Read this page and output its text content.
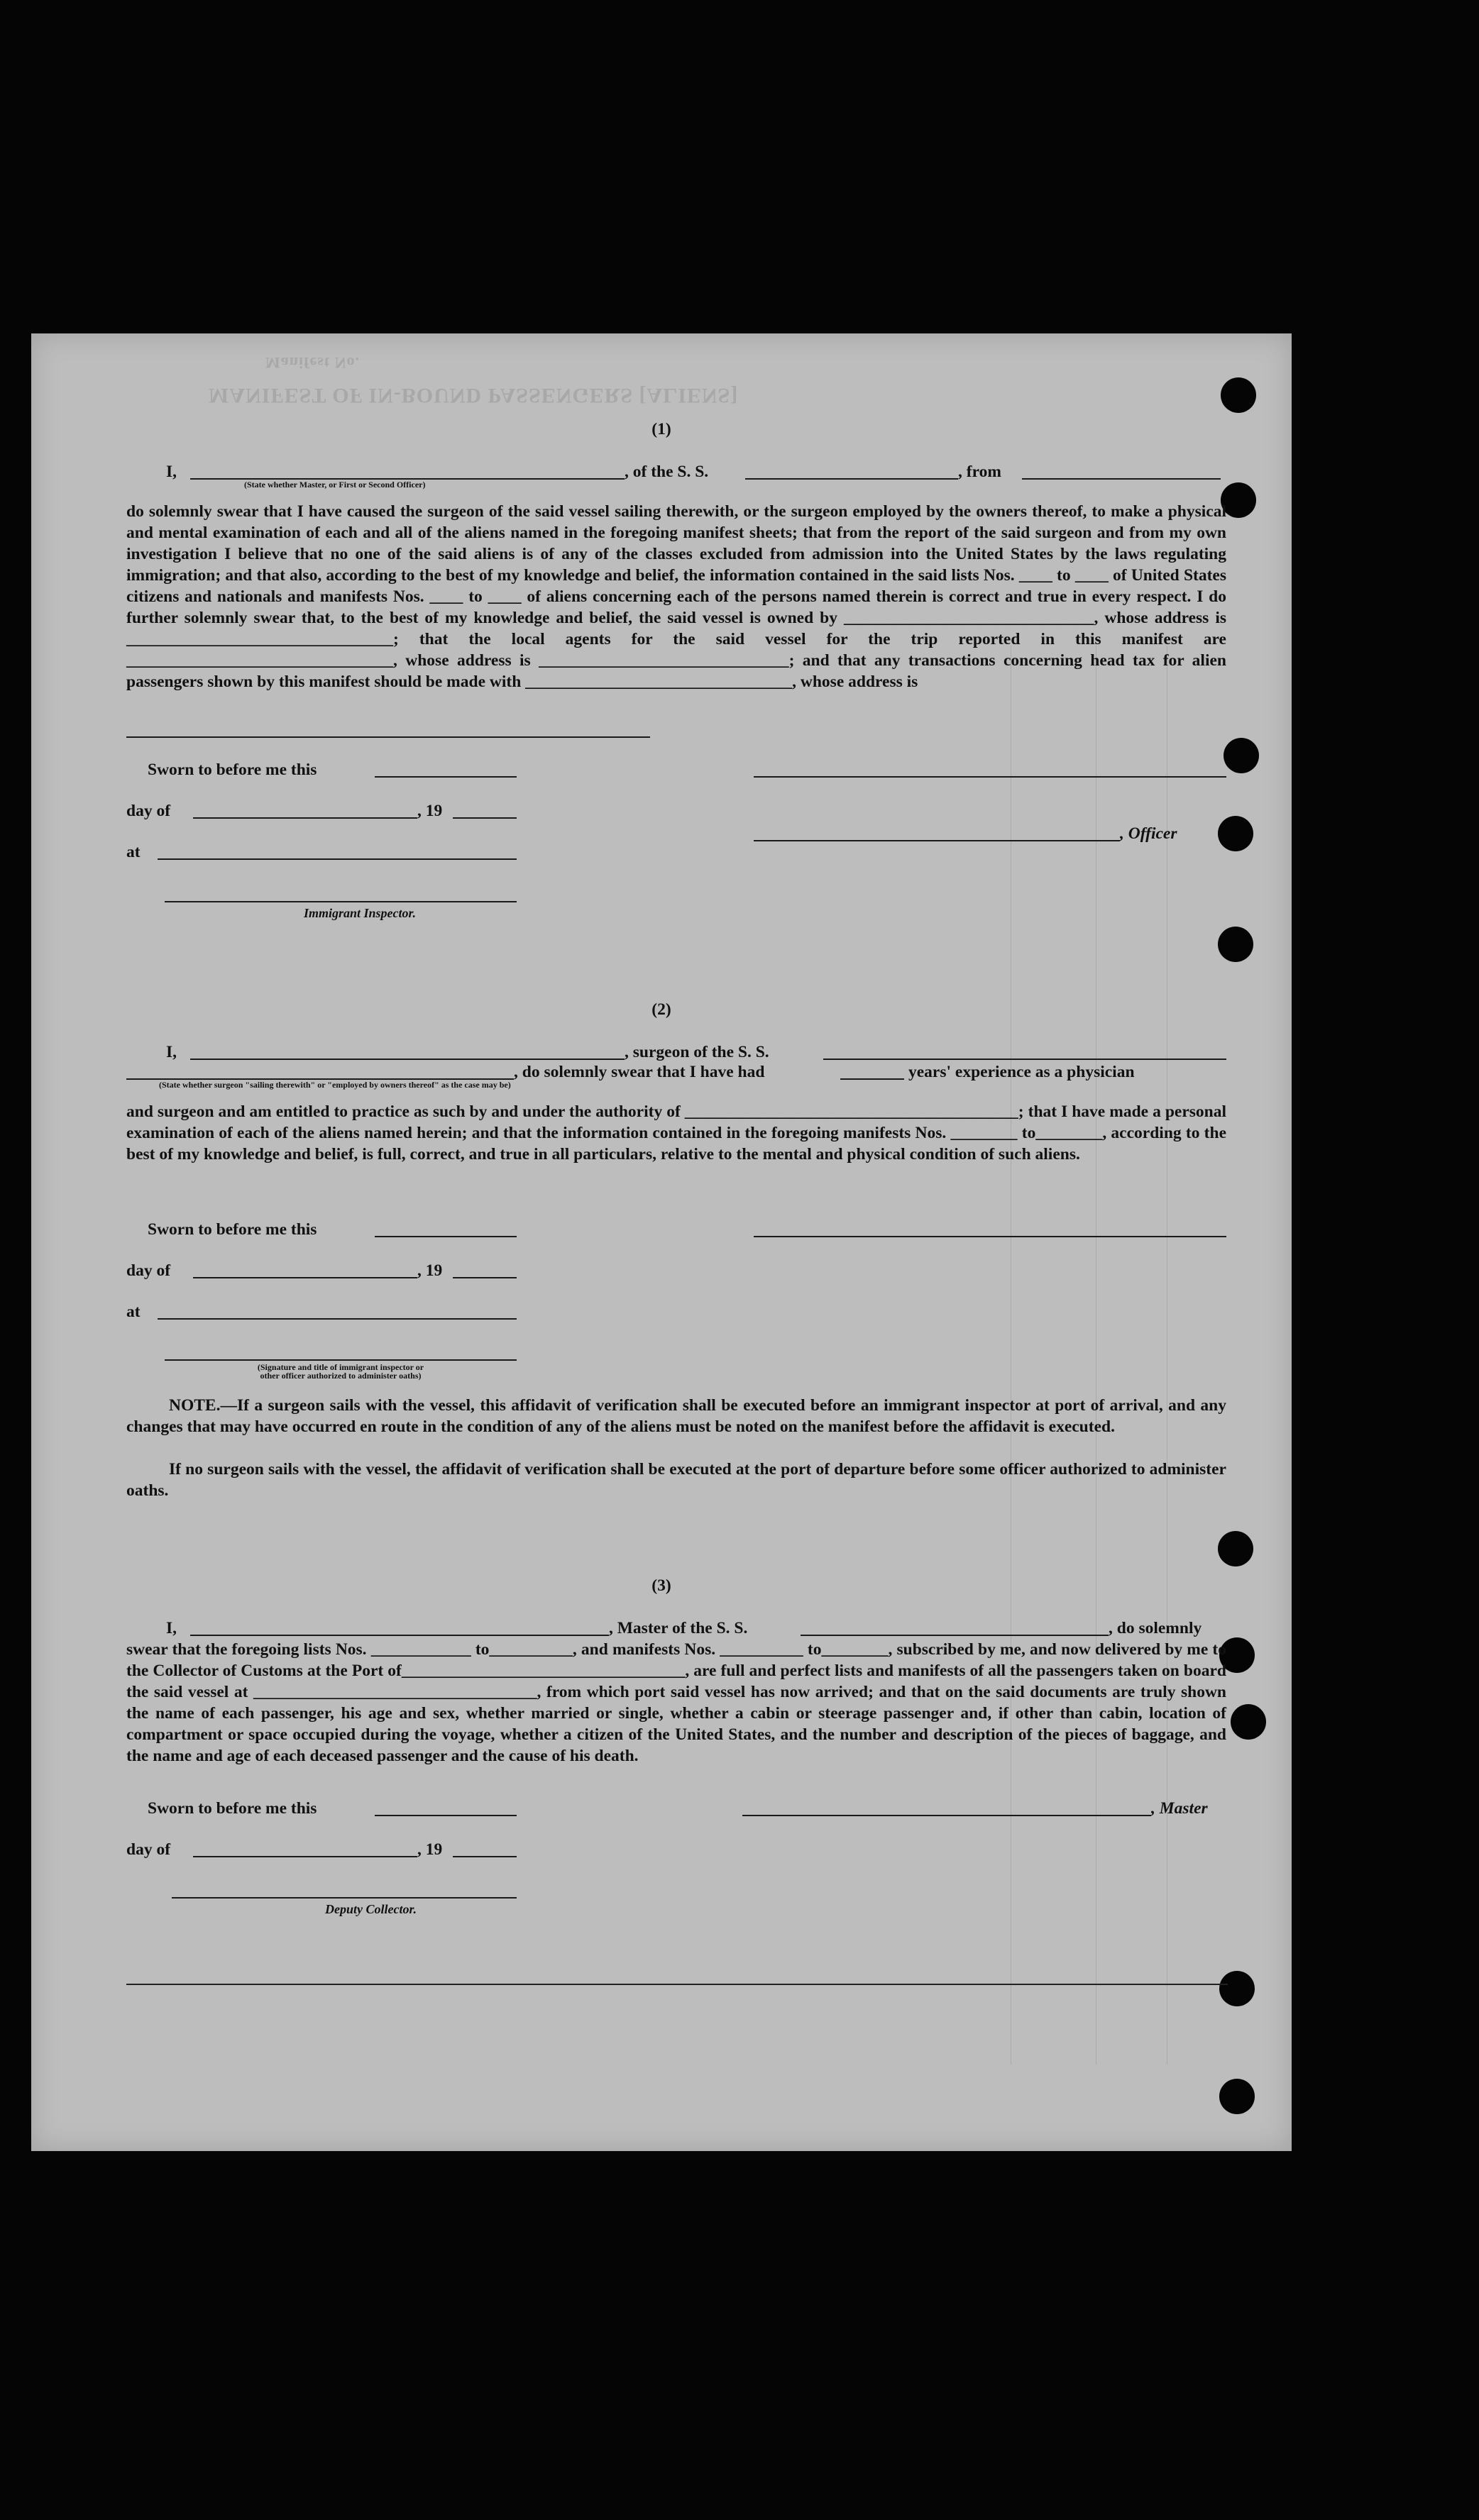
MANIFEST OF IN-BOUND PASSENGERS [ALIENS]
Manifest No.
(1)
I,	, of the S. S.	, from
(State whether Master, or First or Second Officer)
do solemnly swear that I have caused the surgeon of the said vessel sailing therewith, or the surgeon employed by the owners thereof, to make a physical and mental examination of each and all of the aliens named in the foregoing manifest sheets; that from the report of the said surgeon and from my own investigation I believe that no one of the said aliens is of any of the classes excluded from admission into the United States by the laws regulating immigration; and that also, according to the best of my knowledge and belief, the information contained in the said lists Nos. ____ to ____ of United States citizens and nationals and manifests Nos. ____ to ____ of aliens concerning each of the persons named therein is correct and true in every respect. I do further solemnly swear that, to the best of my knowledge and belief, the said vessel is owned by ______________________________, whose address is ________________________________; that the local agents for the said vessel for the trip reported in this manifest are ________________________________, whose address is ______________________________; and that any transactions concerning head tax for alien passengers shown by this manifest should be made with ________________________________, whose address is
Sworn to before me this
day of	, 19
, Officer
at
Immigrant Inspector.
(2)
I,	, surgeon of the S. S.
, do solemnly swear that I have had	years' experience as a physician
(State whether surgeon "sailing therewith" or "employed by owners thereof" as the case may be)
and surgeon and am entitled to practice as such by and under the authority of ________________________________________; that I have made a personal examination of each of the aliens named herein; and that the information contained in the foregoing manifests Nos. ________ to________, according to the best of my knowledge and belief, is full, correct, and true in all particulars, relative to the mental and physical condition of such aliens.
Sworn to before me this
day of	, 19
at
(Signature and title of immigrant inspector or
other officer authorized to administer oaths)
NOTE.—If a surgeon sails with the vessel, this affidavit of verification shall be executed before an immigrant inspector at port of arrival, and any changes that may have occurred en route in the condition of any of the aliens must be noted on the manifest before the affidavit is executed.
If no surgeon sails with the vessel, the affidavit of verification shall be executed at the port of departure before some officer authorized to administer oaths.
(3)
I,	, Master of the S. S.	, do solemnly
swear that the foregoing lists Nos. ____________ to__________, and manifests Nos. __________ to________, subscribed by me, and now delivered by me to the Collector of Customs at the Port of__________________________________, are full and perfect lists and manifests of all the passengers taken on board the said vessel at __________________________________, from which port said vessel has now arrived; and that on the said documents are truly shown the name of each passenger, his age and sex, whether married or single, whether a cabin or steerage passenger and, if other than cabin, location of compartment or space occupied during the voyage, whether a citizen of the United States, and the number and description of the pieces of baggage, and the name and age of each deceased passenger and the cause of his death.
Sworn to before me this	, Master
day of	, 19
Deputy Collector.
